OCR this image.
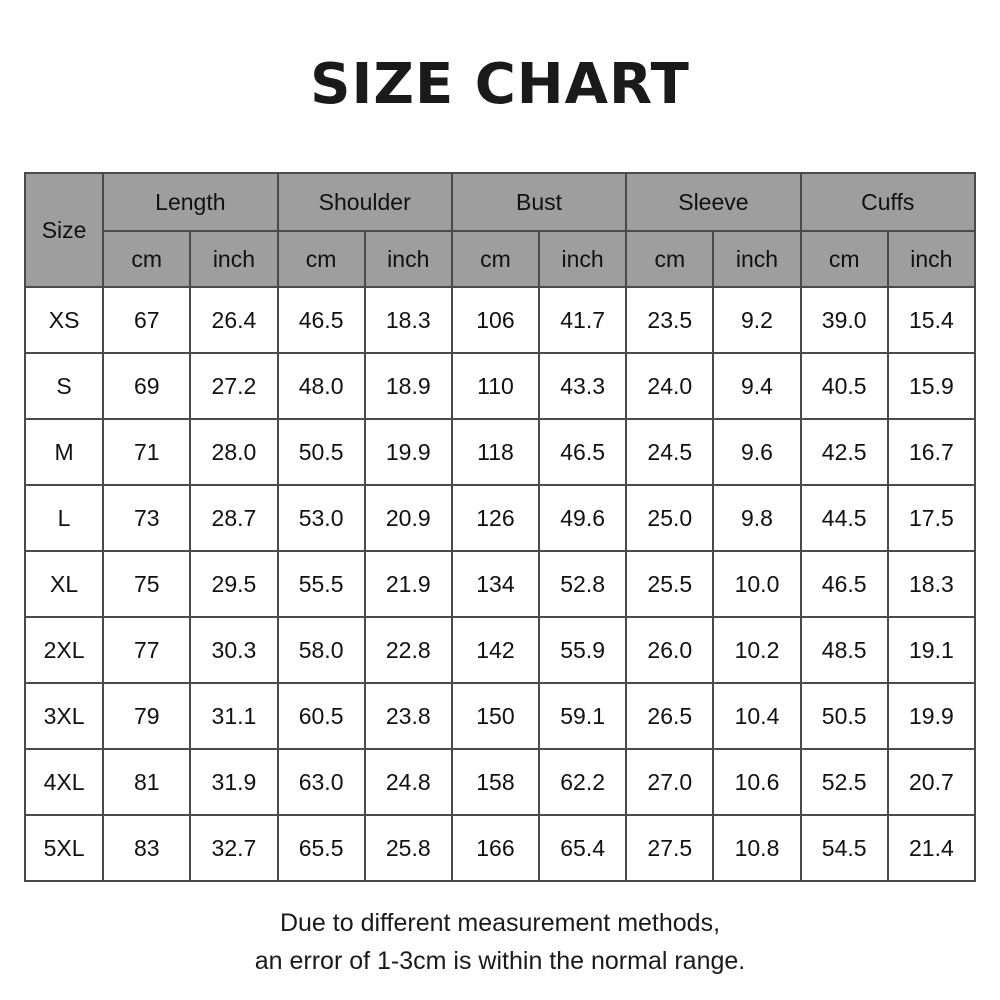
SIZE CHART
Size	Length		Shoulder		Bust		Sleeve		Cuffs	
	cm	inch	cm	inch	cm	inch	cm	inch	cm	inch
XS	67	26.4	46.5	18.3	106	41.7	23.5	9.2	39.0	15.4
S	69	27.2	48.0	18.9	110	43.3	24.0	9.4	40.5	15.9
M	71	28.0	50.5	19.9	118	46.5	24.5	9.6	42.5	16.7
L	73	28.7	53.0	20.9	126	49.6	25.0	9.8	44.5	17.5
XL	75	29.5	55.5	21.9	134	52.8	25.5	10.0	46.5	18.3
2XL	77	30.3	58.0	22.8	142	55.9	26.0	10.2	48.5	19.1
3XL	79	31.1	60.5	23.8	150	59.1	26.5	10.4	50.5	19.9
4XL	81	31.9	63.0	24.8	158	62.2	27.0	10.6	52.5	20.7
5XL	83	32.7	65.5	25.8	166	65.4	27.5	10.8	54.5	21.4
Due to different measurement methods,
an error of 1-3cm is within the normal range.
